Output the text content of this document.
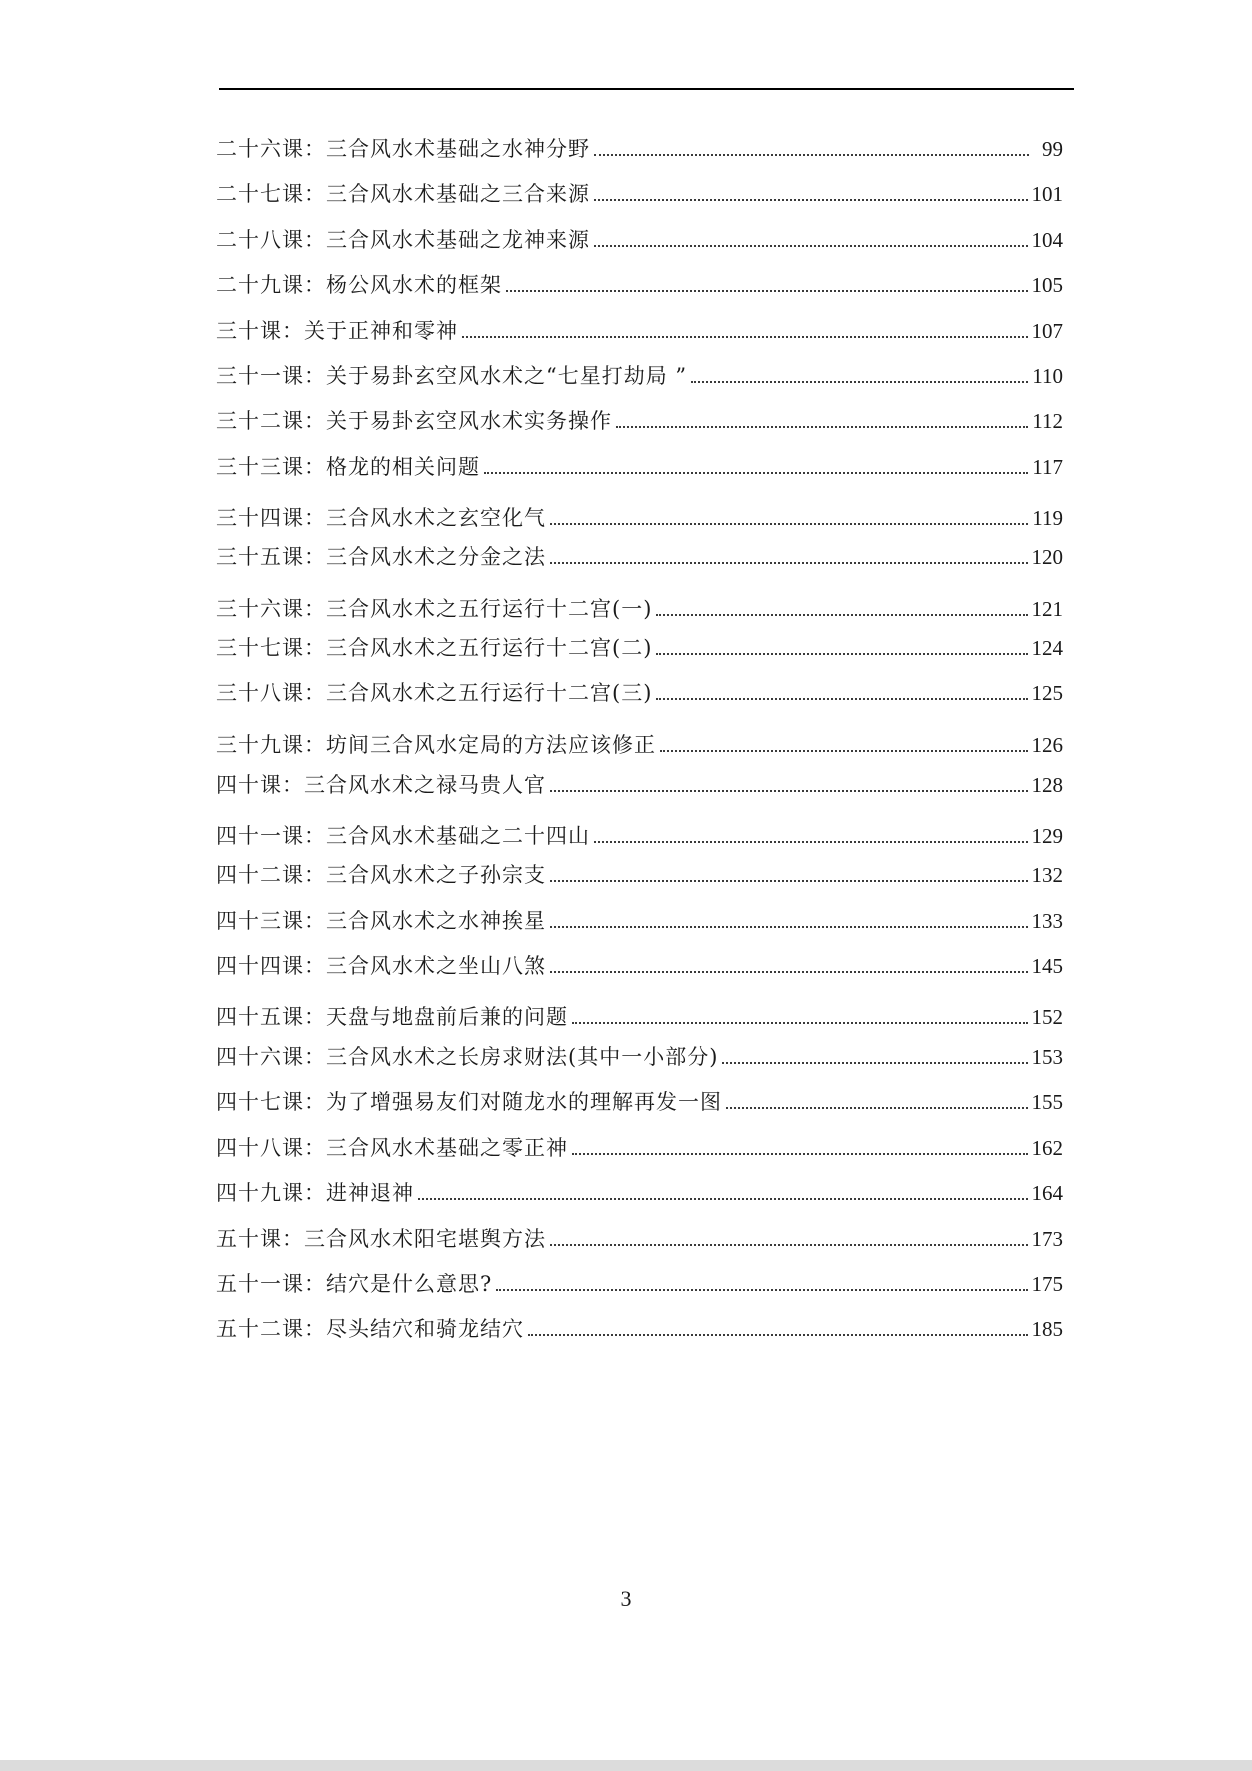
二十六课：三合风水术基础之水神分野	99
二十七课：三合风水术基础之三合来源	101
二十八课：三合风水术基础之龙神来源	104
二十九课：杨公风水术的框架	105
三十课：关于正神和零神	107
三十一课：关于易卦玄空风水术之“七星打劫局 ”	110
三十二课：关于易卦玄空风水术实务操作	112
三十三课：格龙的相关问题	117
三十四课：三合风水术之玄空化气	119
三十五课：三合风水术之分金之法	120
三十六课：三合风水术之五行运行十二宫(一)	121
三十七课：三合风水术之五行运行十二宫(二)	124
三十八课：三合风水术之五行运行十二宫(三)	125
三十九课：坊间三合风水定局的方法应该修正	126
四十课：三合风水术之禄马贵人官	128
四十一课：三合风水术基础之二十四山	129
四十二课：三合风水术之子孙宗支	132
四十三课：三合风水术之水神挨星	133
四十四课：三合风水术之坐山八煞	145
四十五课：天盘与地盘前后兼的问题	152
四十六课：三合风水术之长房求财法(其中一小部分)	153
四十七课：为了增强易友们对随龙水的理解再发一图	155
四十八课：三合风水术基础之零正神	162
四十九课：进神退神	164
五十课：三合风水术阳宅堪舆方法	173
五十一课：结穴是什么意思?	175
五十二课：尽头结穴和骑龙结穴	185
3
